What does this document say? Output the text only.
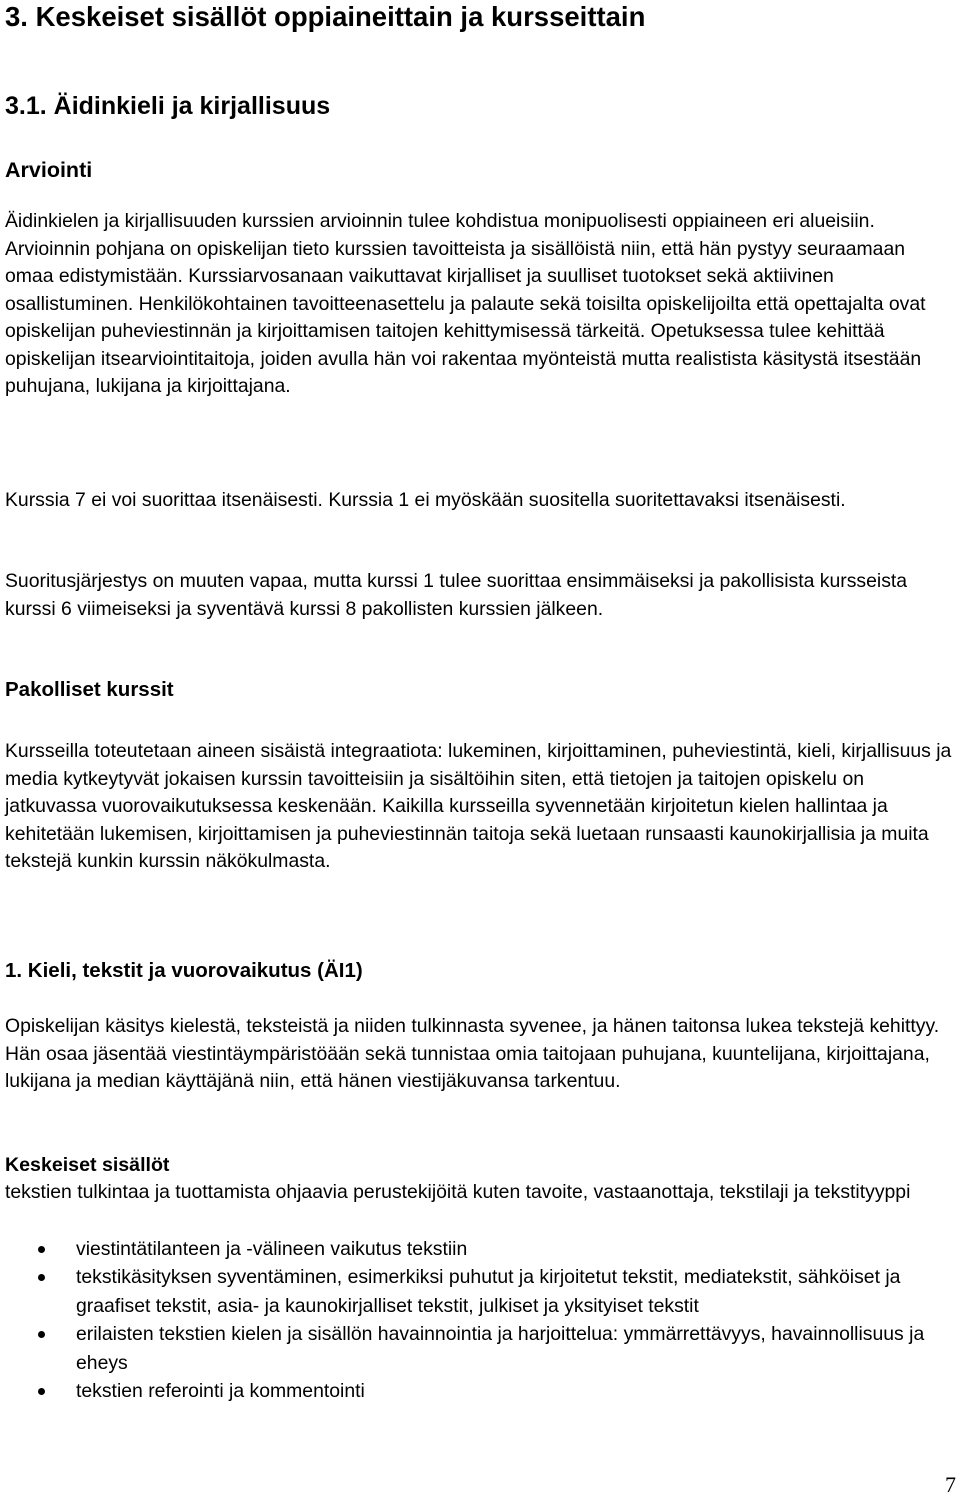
3. Keskeiset sisällöt oppiaineittain ja kursseittain
3.1. Äidinkieli ja kirjallisuus
Arviointi

Äidinkielen ja kirjallisuuden kurssien arvioinnin tulee kohdistua monipuolisesti oppiaineen eri alueisiin. Arvioinnin pohjana on opiskelijan tieto kurssien tavoitteista ja sisällöistä niin, että hän pystyy seuraamaan omaa edistymistään. Kurssiarvosanaan vaikuttavat kirjalliset ja suulliset tuotokset sekä aktiivinen osallistuminen. Henkilökohtainen tavoitteenasettelu ja palaute sekä toisilta opiskelijoilta että opettajalta ovat opiskelijan puheviestinnän ja kirjoittamisen taitojen kehittymisessä tärkeitä. Opetuksessa tulee kehittää opiskelijan itsearviointitaitoja, joiden avulla hän voi rakentaa myönteistä mutta realistista käsitystä itsestään puhujana, lukijana ja kirjoittajana.

Kurssia 7 ei voi suorittaa itsenäisesti. Kurssia 1 ei myöskään suositella suoritettavaksi itsenäisesti.

Suoritusjärjestys on muuten vapaa, mutta kurssi 1 tulee suorittaa ensimmäiseksi ja pakollisista kursseista kurssi 6 viimeiseksi ja syventävä kurssi 8 pakollisten kurssien jälkeen.

Pakolliset kurssit

Kursseilla toteutetaan aineen sisäistä integraatiota: lukeminen, kirjoittaminen, puheviestintä, kieli, kirjallisuus ja media kytkeytyvät jokaisen kurssin tavoitteisiin ja sisältöihin siten, että tietojen ja taitojen opiskelu on jatkuvassa vuorovaikutuksessa keskenään. Kaikilla kursseilla syvennetään kirjoitetun kielen hallintaa ja kehitetään lukemisen, kirjoittamisen ja puheviestinnän taitoja sekä luetaan runsaasti kaunokirjallisia ja muita tekstejä kunkin kurssin näkökulmasta.

1. Kieli, tekstit ja vuorovaikutus (ÄI1)

Opiskelijan käsitys kielestä, teksteistä ja niiden tulkinnasta syvenee, ja hänen taitonsa lukea tekstejä kehittyy. Hän osaa jäsentää viestintäympäristöään sekä tunnistaa omia taitojaan puhujana, kuuntelijana, kirjoittajana, lukijana ja median käyttäjänä niin, että hänen viestijäkuvansa tarkentuu.

Keskeiset sisällöt

tekstien tulkintaa ja tuottamista ohjaavia perustekijöitä kuten tavoite, vastaanottaja, tekstilaji ja tekstityyppi

viestintätilanteen ja -välineen vaikutus tekstiin
tekstikäsityksen syventäminen, esimerkiksi puhutut ja kirjoitetut tekstit, mediatekstit, sähköiset ja graafiset tekstit, asia- ja kaunokirjalliset tekstit, julkiset ja yksityiset tekstit
erilaisten tekstien kielen ja sisällön havainnointia ja harjoittelua: ymmärrettävyys, havainnollisuus ja eheys
tekstien referointi ja kommentointi
7
